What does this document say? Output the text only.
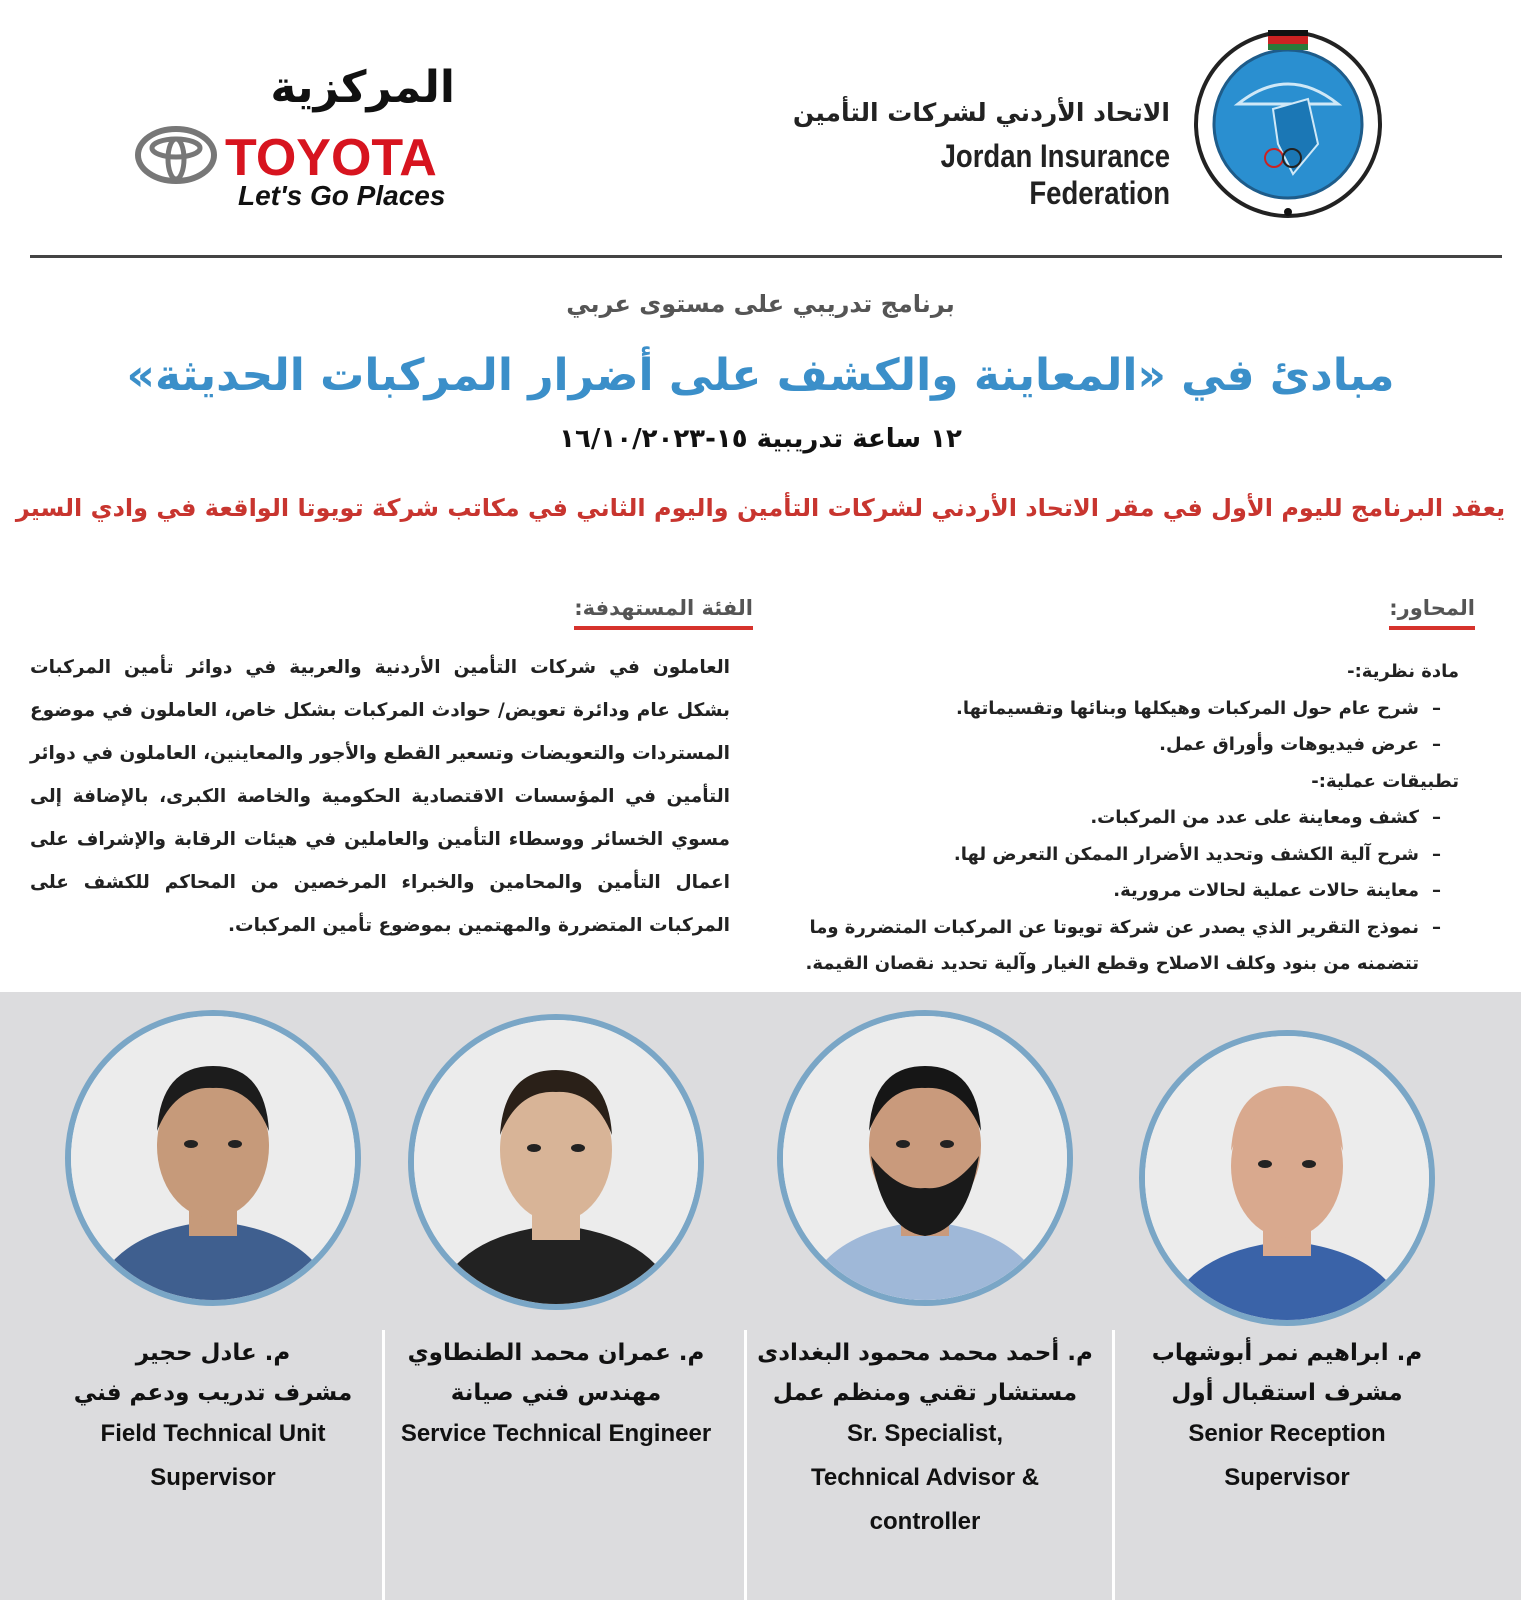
المركزية
TOYOTA
Let's Go Places
الاتحاد الأردني لشركات التأمين
Jordan Insurance Federation
برنامج تدريبي على مستوى عربي
مبادئ في «المعاينة والكشف على أضرار المركبات الحديثة»
١٢ ساعة تدريبية ١٥-١٦/١٠/٢٠٢٣
يعقد البرنامج لليوم الأول في مقر الاتحاد الأردني لشركات التأمين واليوم الثاني في مكاتب شركة تويوتا الواقعة في وادي السير
المحاور:
مادة نظرية:-
– شرح عام حول المركبات وهيكلها وبنائها وتقسيماتها.
– عرض فيديوهات وأوراق عمل.
تطبيقات عملية:-
– كشف ومعاينة على عدد من المركبات.
– شرح آلية الكشف وتحديد الأضرار الممكن التعرض لها.
– معاينة حالات عملية لحالات مرورية.
– نموذج التقرير الذي يصدر عن شركة تويوتا عن المركبات المتضررة وما تتضمنه من بنود وكلف الاصلاح وقطع الغيار وآلية تحديد نقصان القيمة.
الفئة المستهدفة:
العاملون في شركات التأمين الأردنية والعربية في دوائر تأمين المركبات بشكل عام ودائرة تعويض/ حوادث المركبات بشكل خاص، العاملون في موضوع المستردات والتعويضات وتسعير القطع والأجور والمعاينين، العاملون في دوائر التأمين في المؤسسات الاقتصادية الحكومية والخاصة الكبرى، بالإضافة إلى مسوي الخسائر ووسطاء التأمين والعاملين في هيئات الرقابة والإشراف على اعمال التأمين والمحامين والخبراء المرخصين من المحاكم للكشف على المركبات المتضررة والمهتمين بموضوع تأمين المركبات.
م. عادل حجير
مشرف تدريب ودعم فني
Field Technical Unit
Supervisor
م. عمران محمد الطنطاوي
مهندس فني صيانة
Service Technical Engineer
م. أحمد محمد محمود البغدادى
مستشار تقني ومنظم عمل
Sr. Specialist,
Technical Advisor &
controller
م. ابراهيم نمر أبوشهاب
مشرف استقبال أول
Senior Reception
Supervisor
